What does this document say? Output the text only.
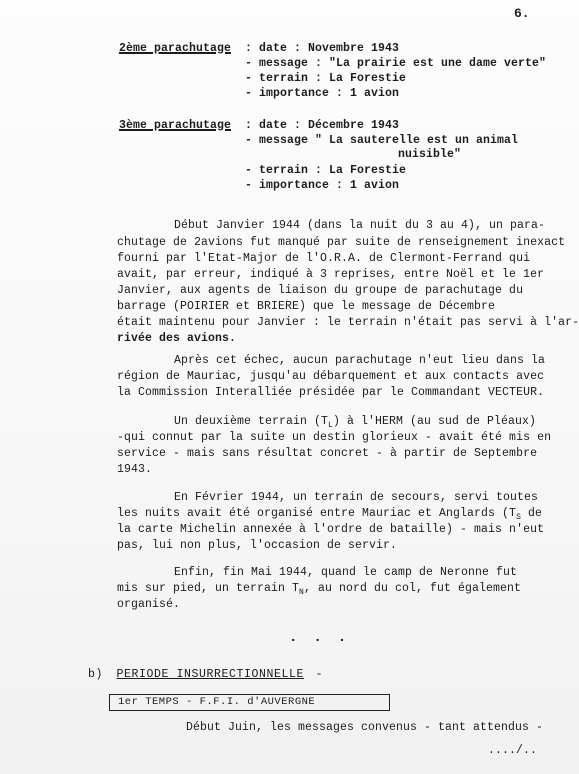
6.
2ème parachutage : date : Novembre 1943
- message : "La prairie est une dame verte"
- terrain : La Forestie
- importance : 1 avion
3ème parachutage : date : Décembre 1943
- message " La sauterelle est un animal
nuisible"
- terrain : La Forestie
- importance : 1 avion
Début Janvier 1944 (dans la nuit du 3 au 4), un para-
chutage de 2avions fut manqué par suite de renseignement inexact
fourni par l'Etat-Major de l'O.R.A. de Clermont-Ferrand qui
avait, par erreur, indiqué à 3 reprises, entre Noël et le 1er
Janvier, aux agents de liaison du groupe de parachutage du
barrage (POIRIER et BRIERE) que le message de Décembre
était maintenu pour Janvier : le terrain n'était pas servi à l'ar-
rivée des avions.
Après cet échec, aucun parachutage n'eut lieu dans la
région de Mauriac, jusqu'au débarquement et aux contacts avec
la Commission Interalliée présidée par le Commandant VECTEUR.
Un deuxième terrain $(T_L)$ à l'HERM (au sud de Pléaux)
-qui connut par la suite un destin glorieux - avait été mis en
service - mais sans résultat concret - à partir de Septembre
1943.
En Février 1944, un terrain de secours, servi toutes
les nuits avait été organisé entre Mauriac et Anglards ($T_S$ de
la carte Michelin annexée à l'ordre de bataille) - mais n'eut
pas, lui non plus, l'occasion de servir.
Enfin, fin Mai 1944, quand le camp de Neronne fut
mis sur pied, un terrain $T_N$, au nord du col, fut également
organisé.
...
b) PERIODE INSURRECTIONNELLE -
1er TEMPS - F.F.I. d'AUVERGNE
Début Juin, les messages convenus - tant attendus -
..../..
